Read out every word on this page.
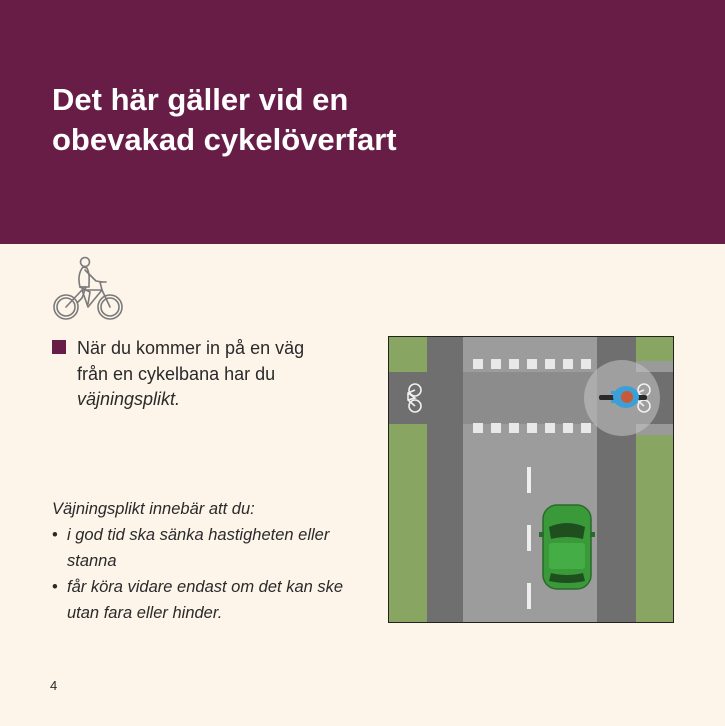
Det här gäller vid en
obevakad cykelöverfart

När du kommer in på en väg från en cykelbana har du väjningsplikt.

Väjningsplikt innebär att du:

• i god tid ska sänka hastigheten eller stanna
• får köra vidare endast om det kan ske utan fara eller hinder.
4
